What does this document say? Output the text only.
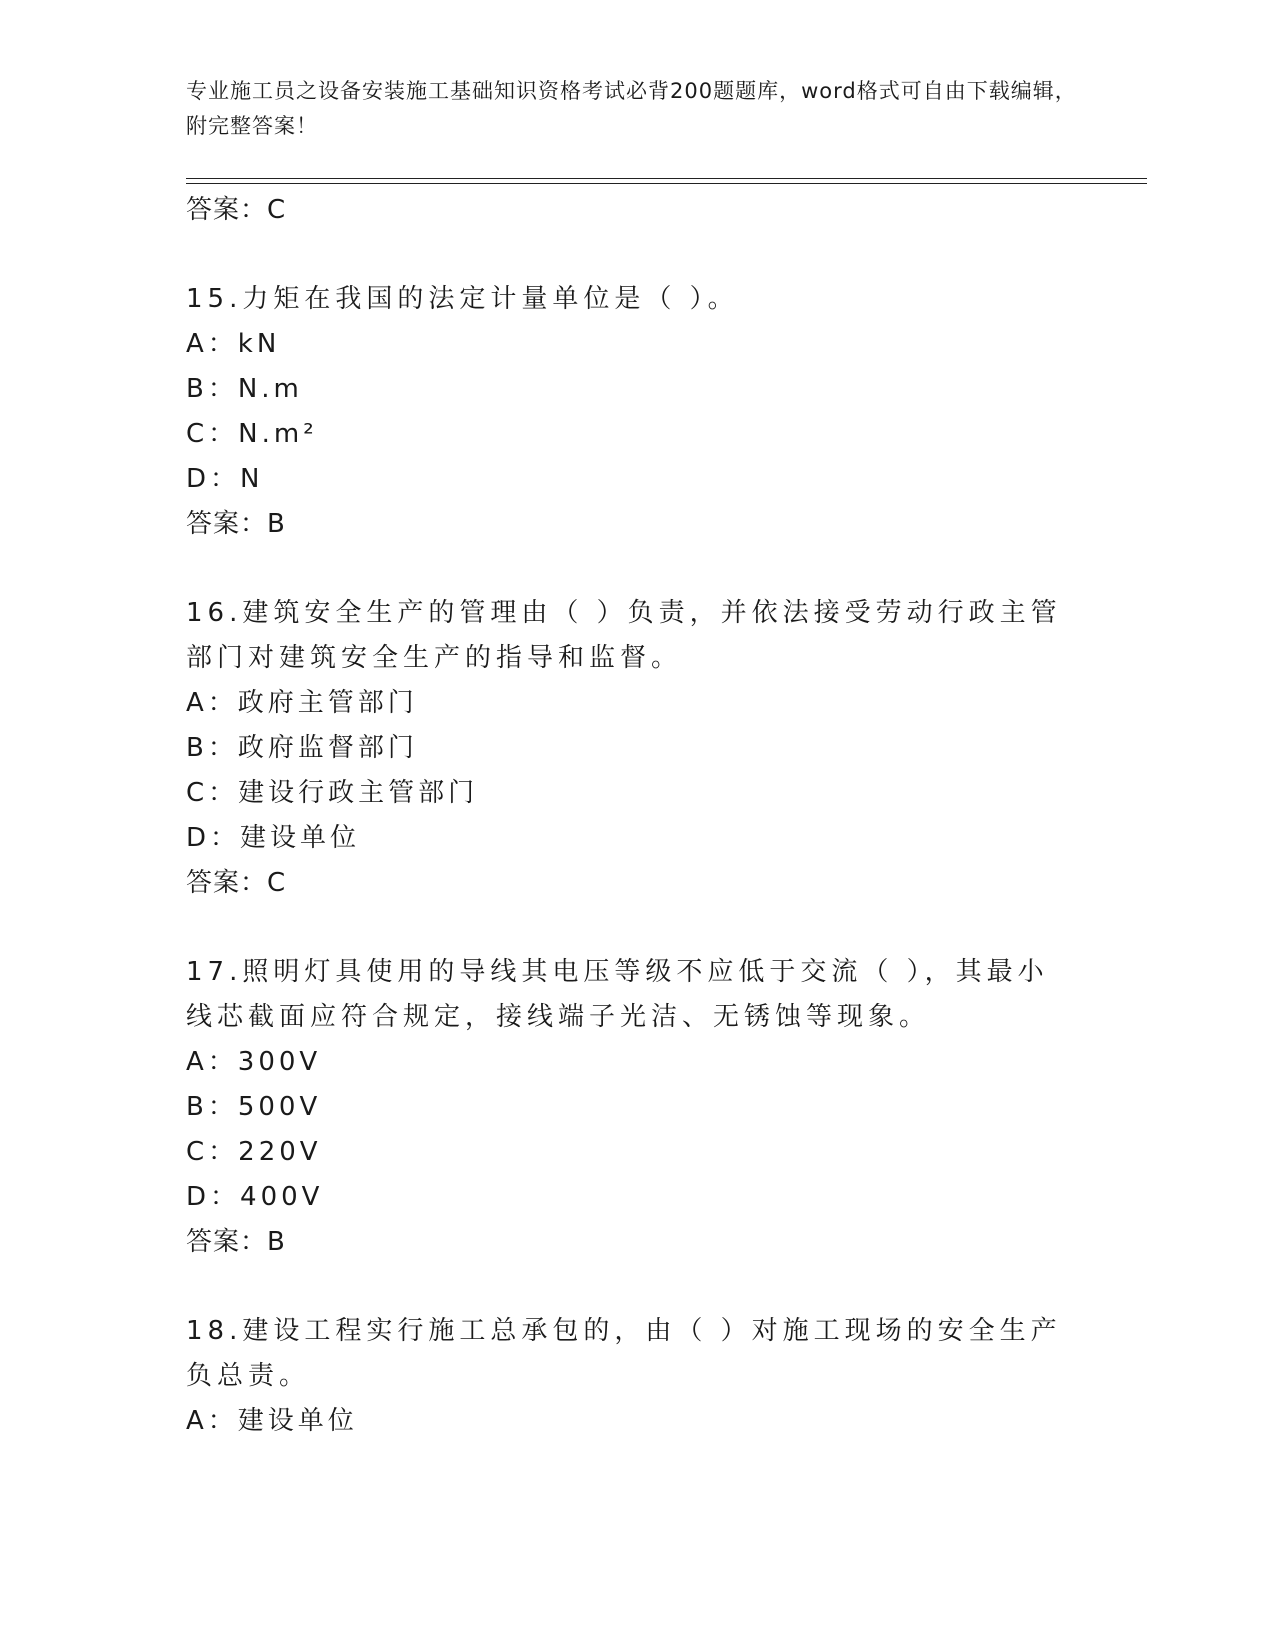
专业施工员之设备安装施工基础知识资格考试必背200题题库，word格式可自由下载编辑，附完整答案！
答案：C
15.力矩在我国的法定计量单位是（ ）。
A：kN
B：N.m
C：N.m²
D：N
答案：B
16.建筑安全生产的管理由（ ）负责，并依法接受劳动行政主管部门对建筑安全生产的指导和监督。
A：政府主管部门
B：政府监督部门
C：建设行政主管部门
D：建设单位
答案：C
17.照明灯具使用的导线其电压等级不应低于交流（ ），其最小线芯截面应符合规定，接线端子光洁、无锈蚀等现象。
A：300V
B：500V
C：220V
D：400V
答案：B
18.建设工程实行施工总承包的，由（ ）对施工现场的安全生产负总责。
A：建设单位
